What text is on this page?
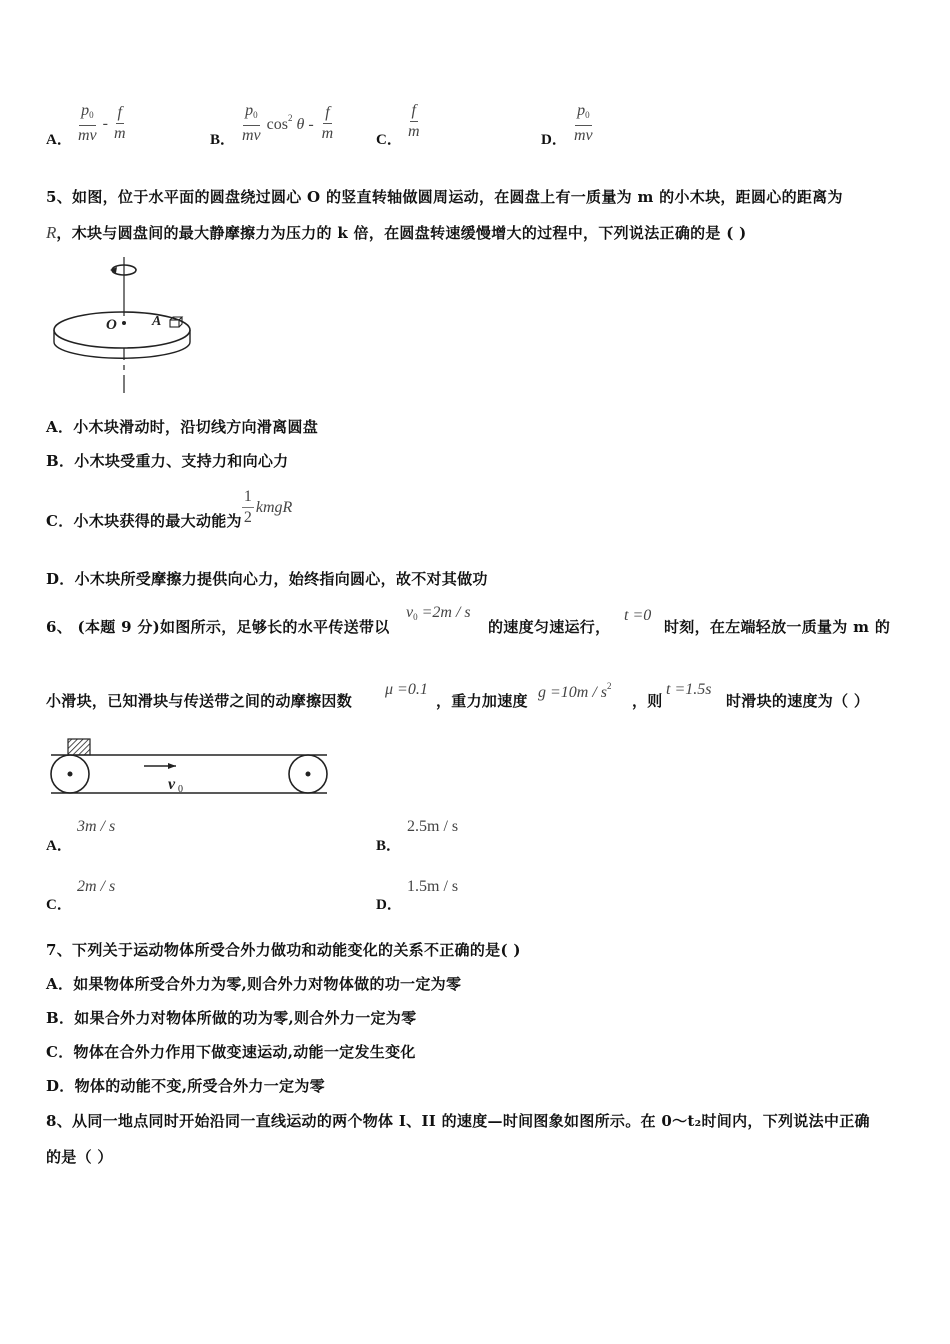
A． $\frac{p_0}{mv} - \frac{f}{m}$	B． $\frac{p_0}{mv} \cos^2 \theta - \frac{f}{m}$	C． $\frac{f}{m}$	D． $\frac{p_0}{mv}$
5、如图，位于水平面的圆盘绕过圆心 O 的竖直转轴做圆周运动，在圆盘上有一质量为 m 的小木块，距圆心的距离为
R，木块与圆盘间的最大静摩擦力为压力的 k 倍，在圆盘转速缓慢增大的过程中，下列说法正确的是 ( )
O	A
A．小木块滑动时，沿切线方向滑离圆盘
B．小木块受重力、支持力和向心力
C．小木块获得的最大动能为 $\frac{1}{2}$ kmgR
D．小木块所受摩擦力提供向心力，始终指向圆心，故不对其做功
6、 (本题 9 分)如图所示，足够长的水平传送带以
$v_0 =2m / s$
的速度匀速运行，
t =0
时刻，在左端轻放一质量为 m 的
小滑块，已知滑块与传送带之间的动摩擦因数
μ =0.1
，重力加速度 $g =10m / s^2$
，则
t =1.5s
时滑块的速度为（ ）
v 0
A．
3m / s
B．
2.5m / s
C．
2m / s
D．
1.5m / s
7、下列关于运动物体所受合外力做功和动能变化的关系不正确的是( )
A．如果物体所受合外力为零,则合外力对物体做的功一定为零
B．如果合外力对物体所做的功为零,则合外力一定为零
C．物体在合外力作用下做变速运动,动能一定发生变化
D．物体的动能不变,所受合外力一定为零
8、从同一地点同时开始沿同一直线运动的两个物体 I、II 的速度—时间图象如图所示。在 0～t₂时间内，下列说法中正确
的是（ ）
